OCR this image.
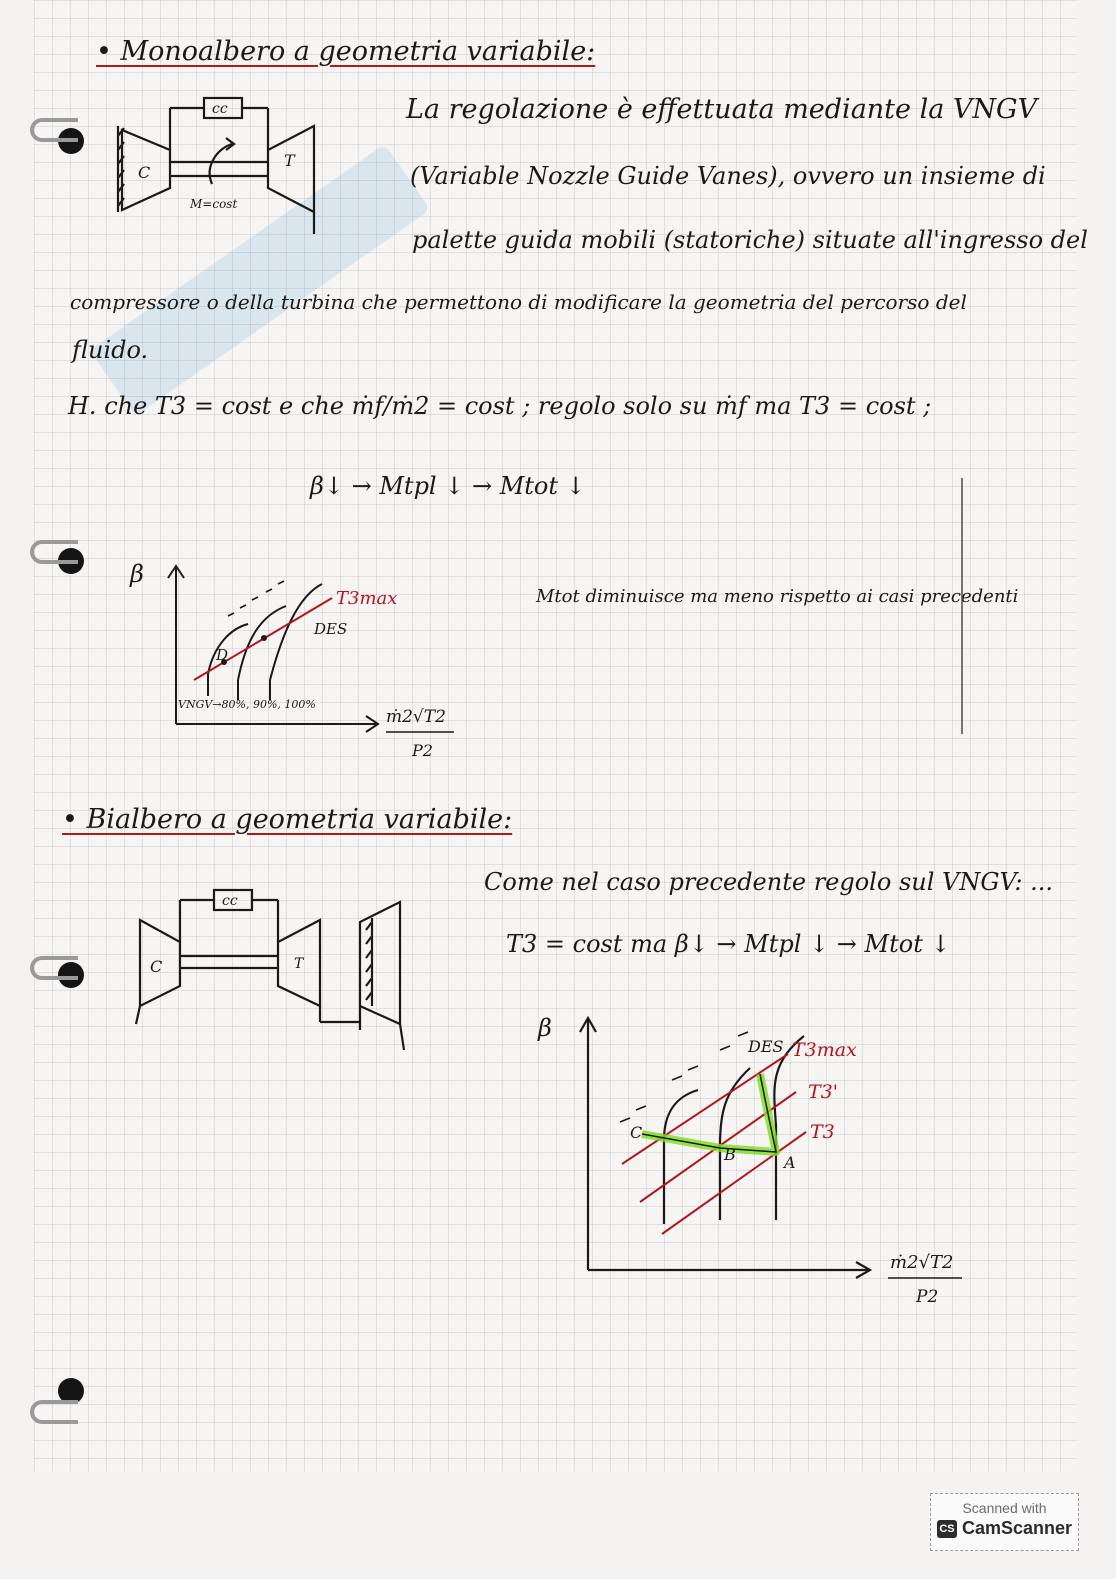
• Monoalbero a geometria variabile:
C
T
cc
M=cost
La regolazione è effettuata mediante la VNGV
(Variable Nozzle Guide Vanes), ovvero un insieme di
palette guida mobili (statoriche) situate all'ingresso del
compressore o della turbina che permettono di modificare la geometria del percorso del
fluido.
H. che T3 = cost e che ṁf/ṁ2 = cost ; regolo solo su ṁf ma T3 = cost ;
β↓ → Mtpl ↓ → Mtot ↓
Mtot diminuisce ma meno rispetto ai casi precedenti
β
T3max
DES
D
VNGV→80%, 90%, 100%
ṁ2√T2
P2
• Bialbero a geometria variabile:
C	T
cc
Come nel caso precedente regolo sul VNGV: ...
T3 = cost ma β↓ → Mtpl ↓ → Mtot ↓
β
DES T3max
T3'
T3
C
B	A
ṁ2√T2
P2
Scanned with
CS CamScanner
